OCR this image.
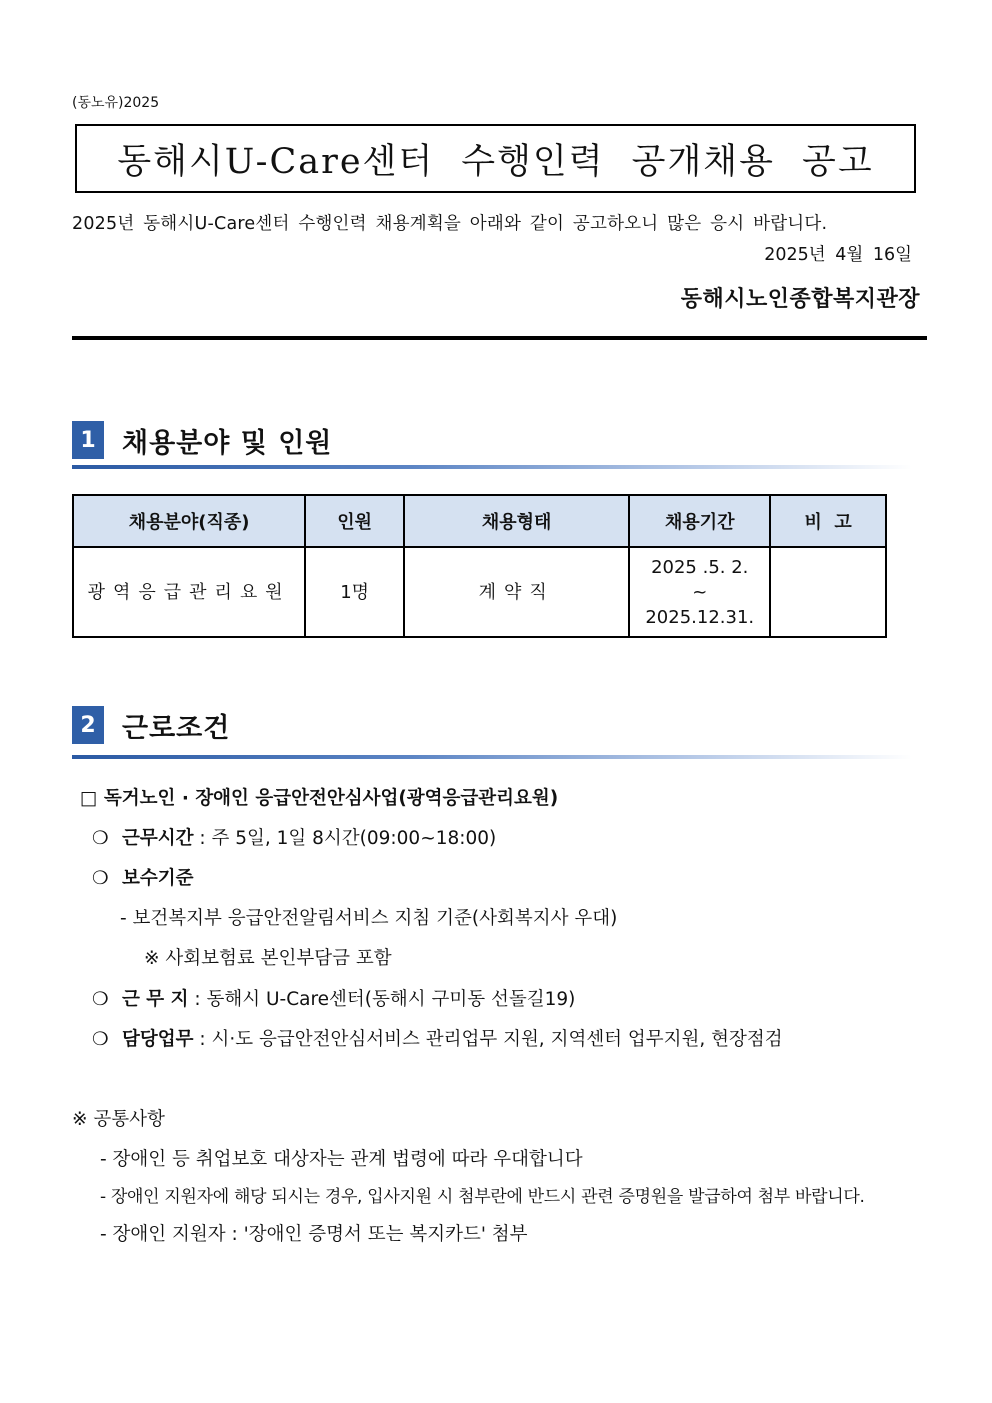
(동노유)2025
동해시U-Care센터 수행인력 공개채용 공고
2025년 동해시U-Care센터 수행인력 채용계획을 아래와 같이 공고하오니 많은 응시 바랍니다.
2025년 4월 16일
동해시노인종합복지관장
1 채용분야 및 인원
채용분야(직종)	인원	채용형태	채용기간	비  고
광역응급관리요원	1명	계약직	2025 .5. 2.
~
2025.12.31.	

2 근로조건
□ 독거노인 · 장애인 응급안전안심사업(광역응급관리요원)
❍ 근무시간 : 주 5일, 1일 8시간(09:00~18:00)
❍ 보수기준
- 보건복지부 응급안전알림서비스 지침 기준(사회복지사 우대)
※ 사회보험료 본인부담금 포함
❍ 근 무 지 : 동해시 U-Care센터(동해시 구미동 선돌길19)
❍ 담당업무 : 시·도 응급안전안심서비스 관리업무 지원, 지역센터 업무지원, 현장점검
※ 공통사항
- 장애인 등 취업보호 대상자는 관계 법령에 따라 우대합니다
- 장애인 지원자에 해당 되시는 경우, 입사지원 시 첨부란에 반드시 관련 증명원을 발급하여 첨부 바랍니다.
- 장애인 지원자 : '장애인 증명서 또는 복지카드' 첨부
